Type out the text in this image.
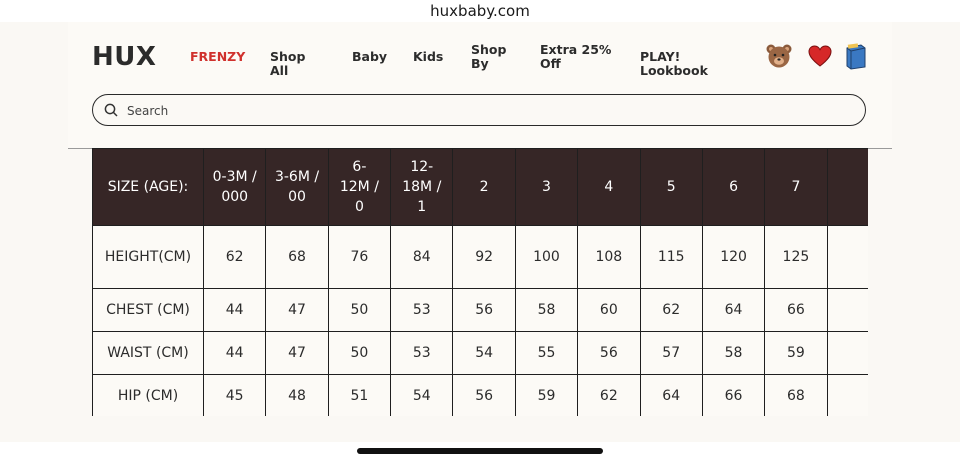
huxbaby.com
HUX	FRENZY Shop All
Baby Kids Shop By
Extra 25% Off	PLAY! Lookbook
Search
SIZE (AGE):	0-3M / 000	3-6M / 00	6-12M / 0	12-18M / 1	2	3	4	5	6	7	
HEIGHT(CM)	62	68	76	84	92	100	108	115	120	125	
CHEST (CM)	44	47	50	53	56	58	60	62	64	66	
WAIST (CM)	44	47	50	53	54	55	56	57	58	59	
HIP (CM)	45	48	51	54	56	59	62	64	66	68	
